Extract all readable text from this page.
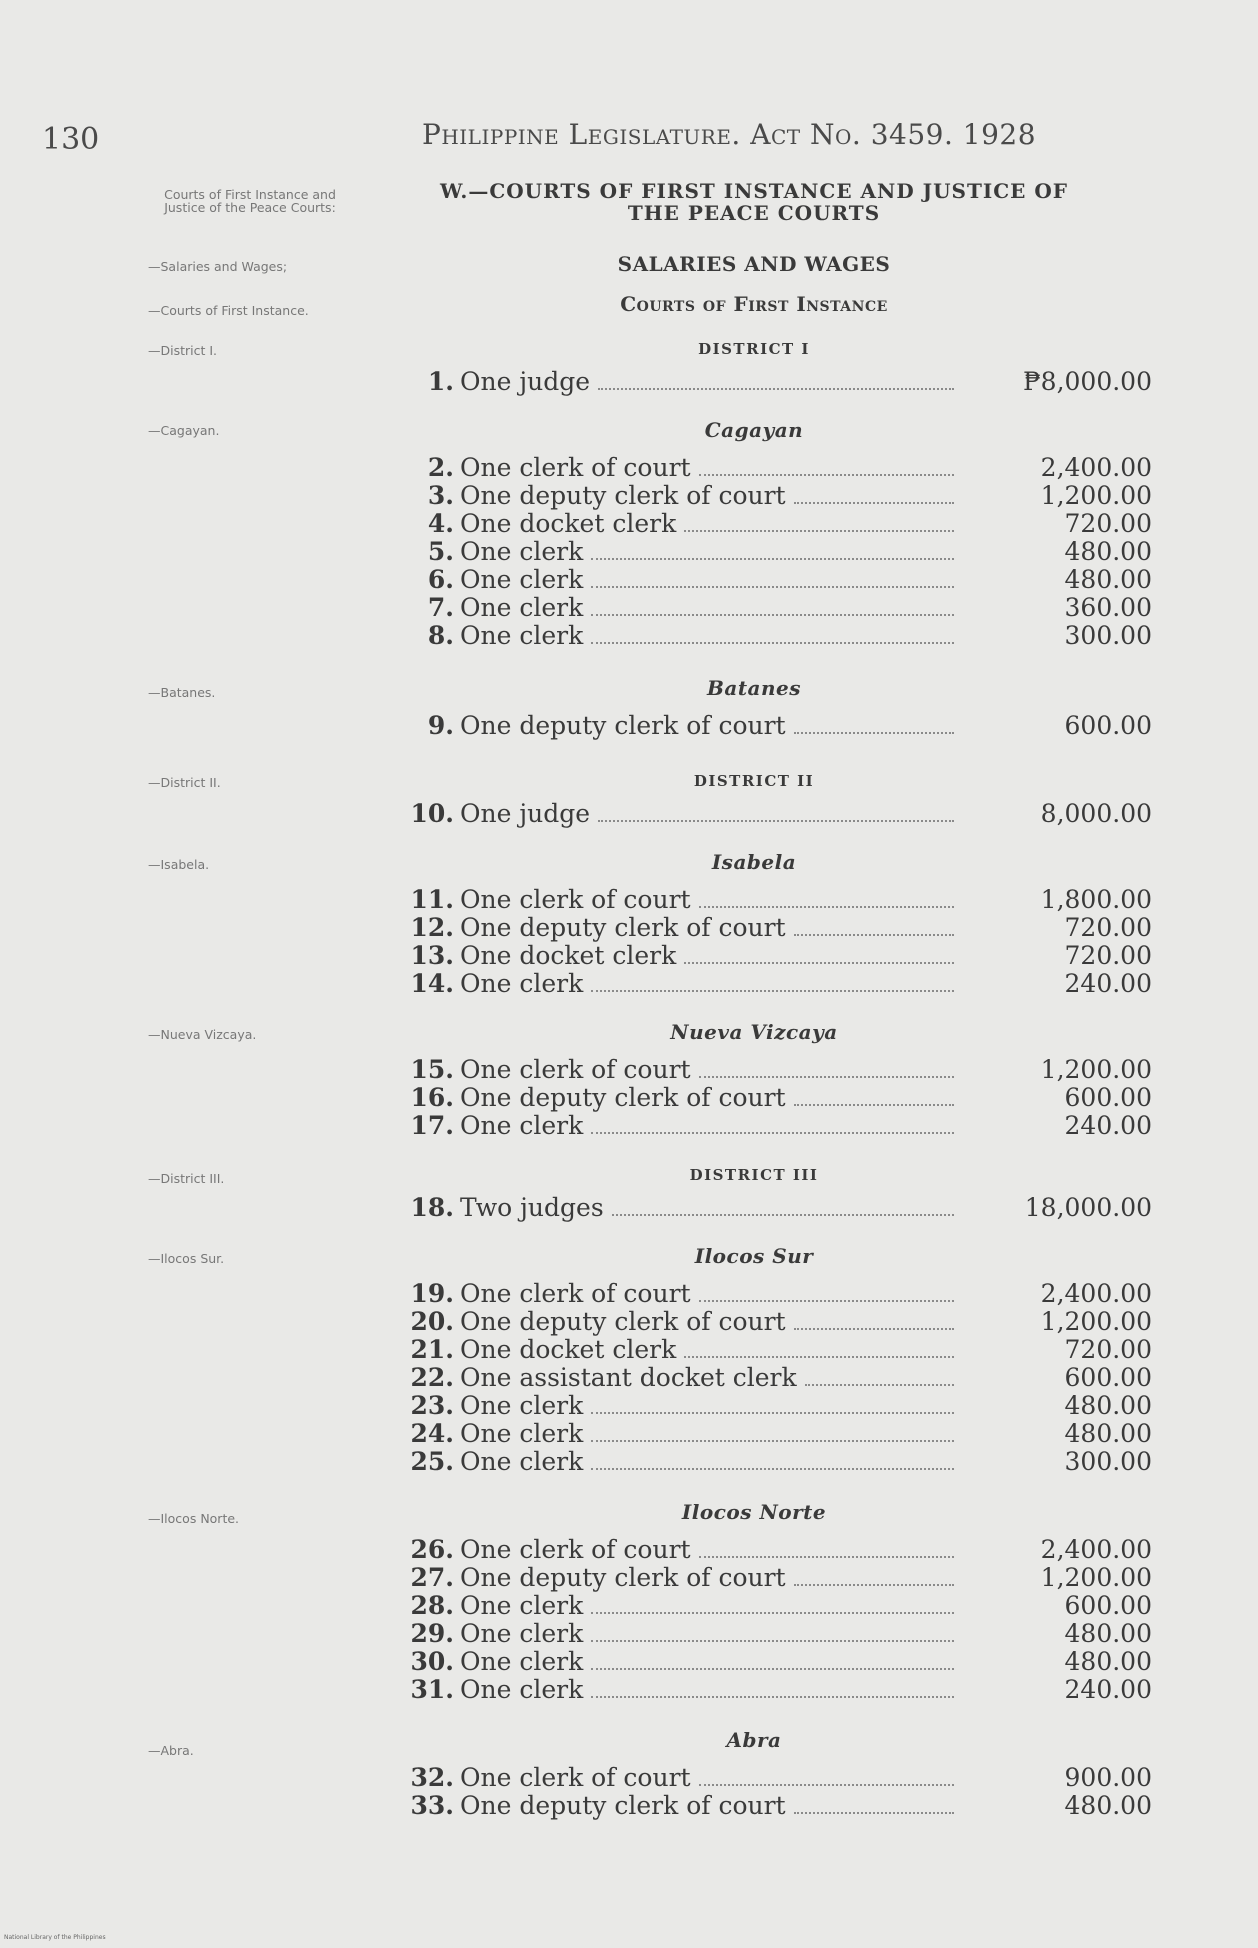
130	Philippine Legislature. Act No. 3459. 1928
Courts of First Instance and Justice of the Peace Courts:
—Salaries and Wages;
—Courts of First Instance.
—District I.
—Cagayan.
—Batanes.
—District II.
—Isabela.
—Nueva Vizcaya.
—District III.
—Ilocos Sur.
—Ilocos Norte.
—Abra.
W.—COURTS OF FIRST INSTANCE AND JUSTICE OF
THE PEACE COURTS
SALARIES AND WAGES
Courts of First Instance
DISTRICT I
Cagayan
Batanes
DISTRICT II
Isabela
Nueva Vizcaya
DISTRICT III
Ilocos Sur
Ilocos Norte
Abra
1. One judge	₱8,000.00
2. One clerk of court	2,400.00
3. One deputy clerk of court	1,200.00
4. One docket clerk	720.00
5. One clerk	480.00
6. One clerk	480.00
7. One clerk	360.00
8. One clerk	300.00
9. One deputy clerk of court	600.00
10. One judge	8,000.00
11. One clerk of court	1,800.00
12. One deputy clerk of court	720.00
13. One docket clerk	720.00
14. One clerk	240.00
15. One clerk of court	1,200.00
16. One deputy clerk of court	600.00
17. One clerk	240.00
18. Two judges	18,000.00
19. One clerk of court	2,400.00
20. One deputy clerk of court	1,200.00
21. One docket clerk	720.00
22. One assistant docket clerk	600.00
23. One clerk	480.00
24. One clerk	480.00
25. One clerk	300.00
26. One clerk of court	2,400.00
27. One deputy clerk of court	1,200.00
28. One clerk	600.00
29. One clerk	480.00
30. One clerk	480.00
31. One clerk	240.00
32. One clerk of court	900.00
33. One deputy clerk of court	480.00
National Library of the Philippines
